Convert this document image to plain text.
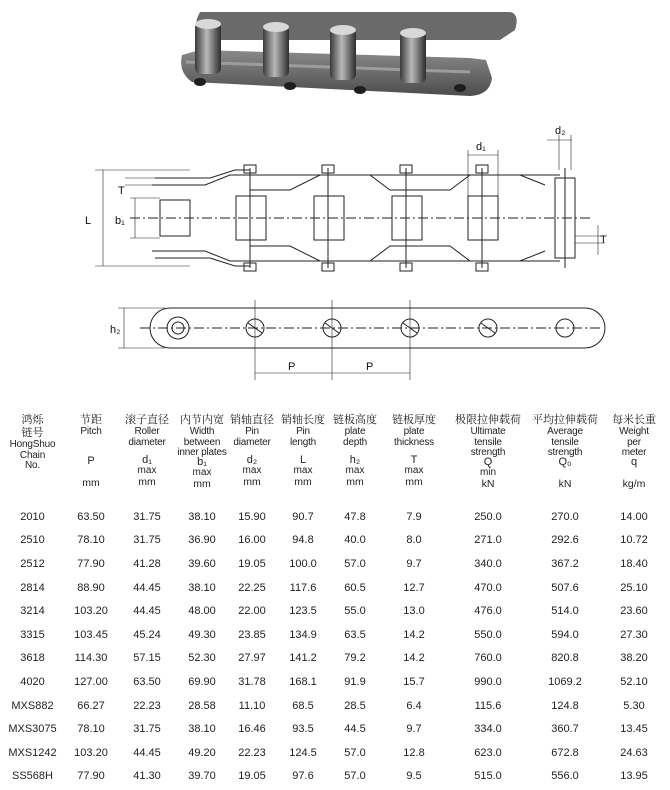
L b₁
T
d₁
d₂
T
h₂
P	P
鸿烁
链号
HongShuo
Chain
No.
节距
Pitch
P

mm
滚子直径
Roller
diameter
d₁
max
mm
内节内宽
Width
between
inner plates
b₁
max
mm
销轴直径
Pin
diameter
d₂
max
mm
销轴长度
Pin
length
L
max
mm
链板高度
plate
depth
h₂
max
mm
链板厚度
plate
thickness
T
max
mm
极限拉伸载荷
Ultimate
tensile
strength
Q
min
kN
平均拉伸载荷
Average
tensile
strength
Q₀

kN
每米长重
Weight
per
meter
q

kg/m
2010	63.50	31.75	38.10	15.90	90.7	47.8	7.9	250.0	270.0	14.00
2510	78.10	31.75	36.90	16.00	94.8	40.0	8.0	271.0	292.6	10.72
2512	77.90	41.28	39.60	19.05	100.0	57.0	9.7	340.0	367.2	18.40
2814	88.90	44.45	38.10	22.25	117.6	60.5	12.7	470.0	507.6	25.10
3214	103.20	44.45	48.00	22.00	123.5	55.0	13.0	476.0	514.0	23.60
3315	103.45	45.24	49.30	23.85	134.9	63.5	14.2	550.0	594.0	27.30
3618	114.30	57.15	52.30	27.97	141.2	79.2	14.2	760.0	820.8	38.20
4020	127.00	63.50	69.90	31.78	168.1	91.9	15.7	990.0	1069.2	52.10
MXS882	66.27	22.23	28.58	11.10	68.5	28.5	6.4	115.6	124.8	5.30
MXS3075	78.10	31.75	38.10	16.46	93.5	44.5	9.7	334.0	360.7	13.45
MXS1242	103.20	44.45	49.20	22.23	124.5	57.0	12.8	623.0	672.8	24.63
SS568H	77.90	41.30	39.70	19.05	97.6	57.0	9.5	515.0	556.0	13.95
